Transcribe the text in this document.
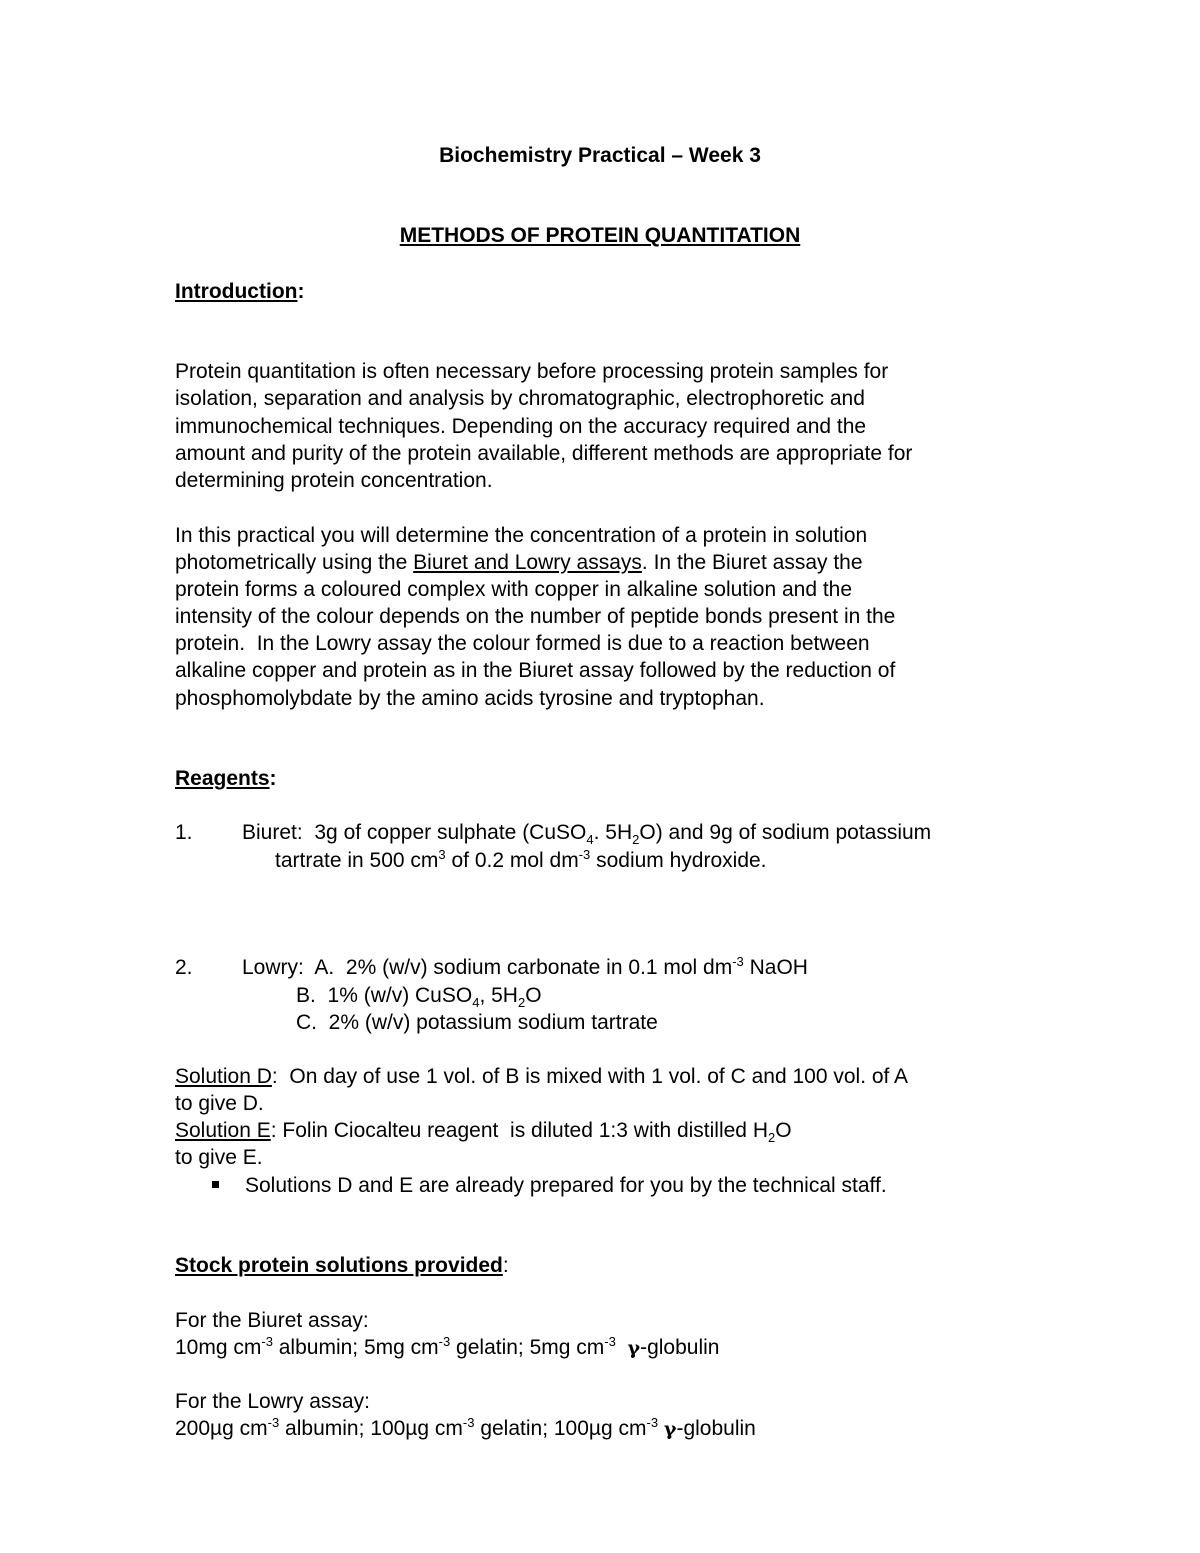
Biochemistry Practical – Week 3
METHODS OF PROTEIN QUANTITATION
Introduction:
Protein quantitation is often necessary before processing protein samples for
isolation, separation and analysis by chromatographic, electrophoretic and
immunochemical techniques. Depending on the accuracy required and the
amount and purity of the protein available, different methods are appropriate for
determining protein concentration.
In this practical you will determine the concentration of a protein in solution
photometrically using the Biuret and Lowry assays. In the Biuret assay the
protein forms a coloured complex with copper in alkaline solution and the
intensity of the colour depends on the number of peptide bonds present in the
protein.  In the Lowry assay the colour formed is due to a reaction between
alkaline copper and protein as in the Biuret assay followed by the reduction of
phosphomolybdate by the amino acids tyrosine and tryptophan.
Reagents:
1. Biuret:  3g of copper sulphate (CuSO$_4$. $5H_2O$) and 9g of sodium potassium
tartrate in 500 $cm^3$ of 0.2 mol $dm^{-3}$ sodium hydroxide.
2. Lowry: A.  2% (w/v) sodium carbonate in 0.1 mol $dm^{-3}$ NaOH
B.  1% (w/v) CuSO$_4$, $5H_2O$
C.  2% (w/v) potassium sodium tartrate
Solution D:  On day of use 1 vol. of B is mixed with 1 vol. of C and 100 vol. of A
to give D.
Solution E: Folin Ciocalteu reagent  is diluted 1:3 with distilled $H_2O$
to give E.
Solutions D and E are already prepared for you by the technical staff.
Stock protein solutions provided:
For the Biuret assay:
10mg $cm^{-3}$ albumin; 5mg $cm^{-3}$ gelatin; 5mg $cm^{-3}$ γ-globulin
For the Lowry assay:
200µg $cm^{-3}$ albumin; 100µg $cm^{-3}$ gelatin; 100µg $cm^{-3}$ γ-globulin
